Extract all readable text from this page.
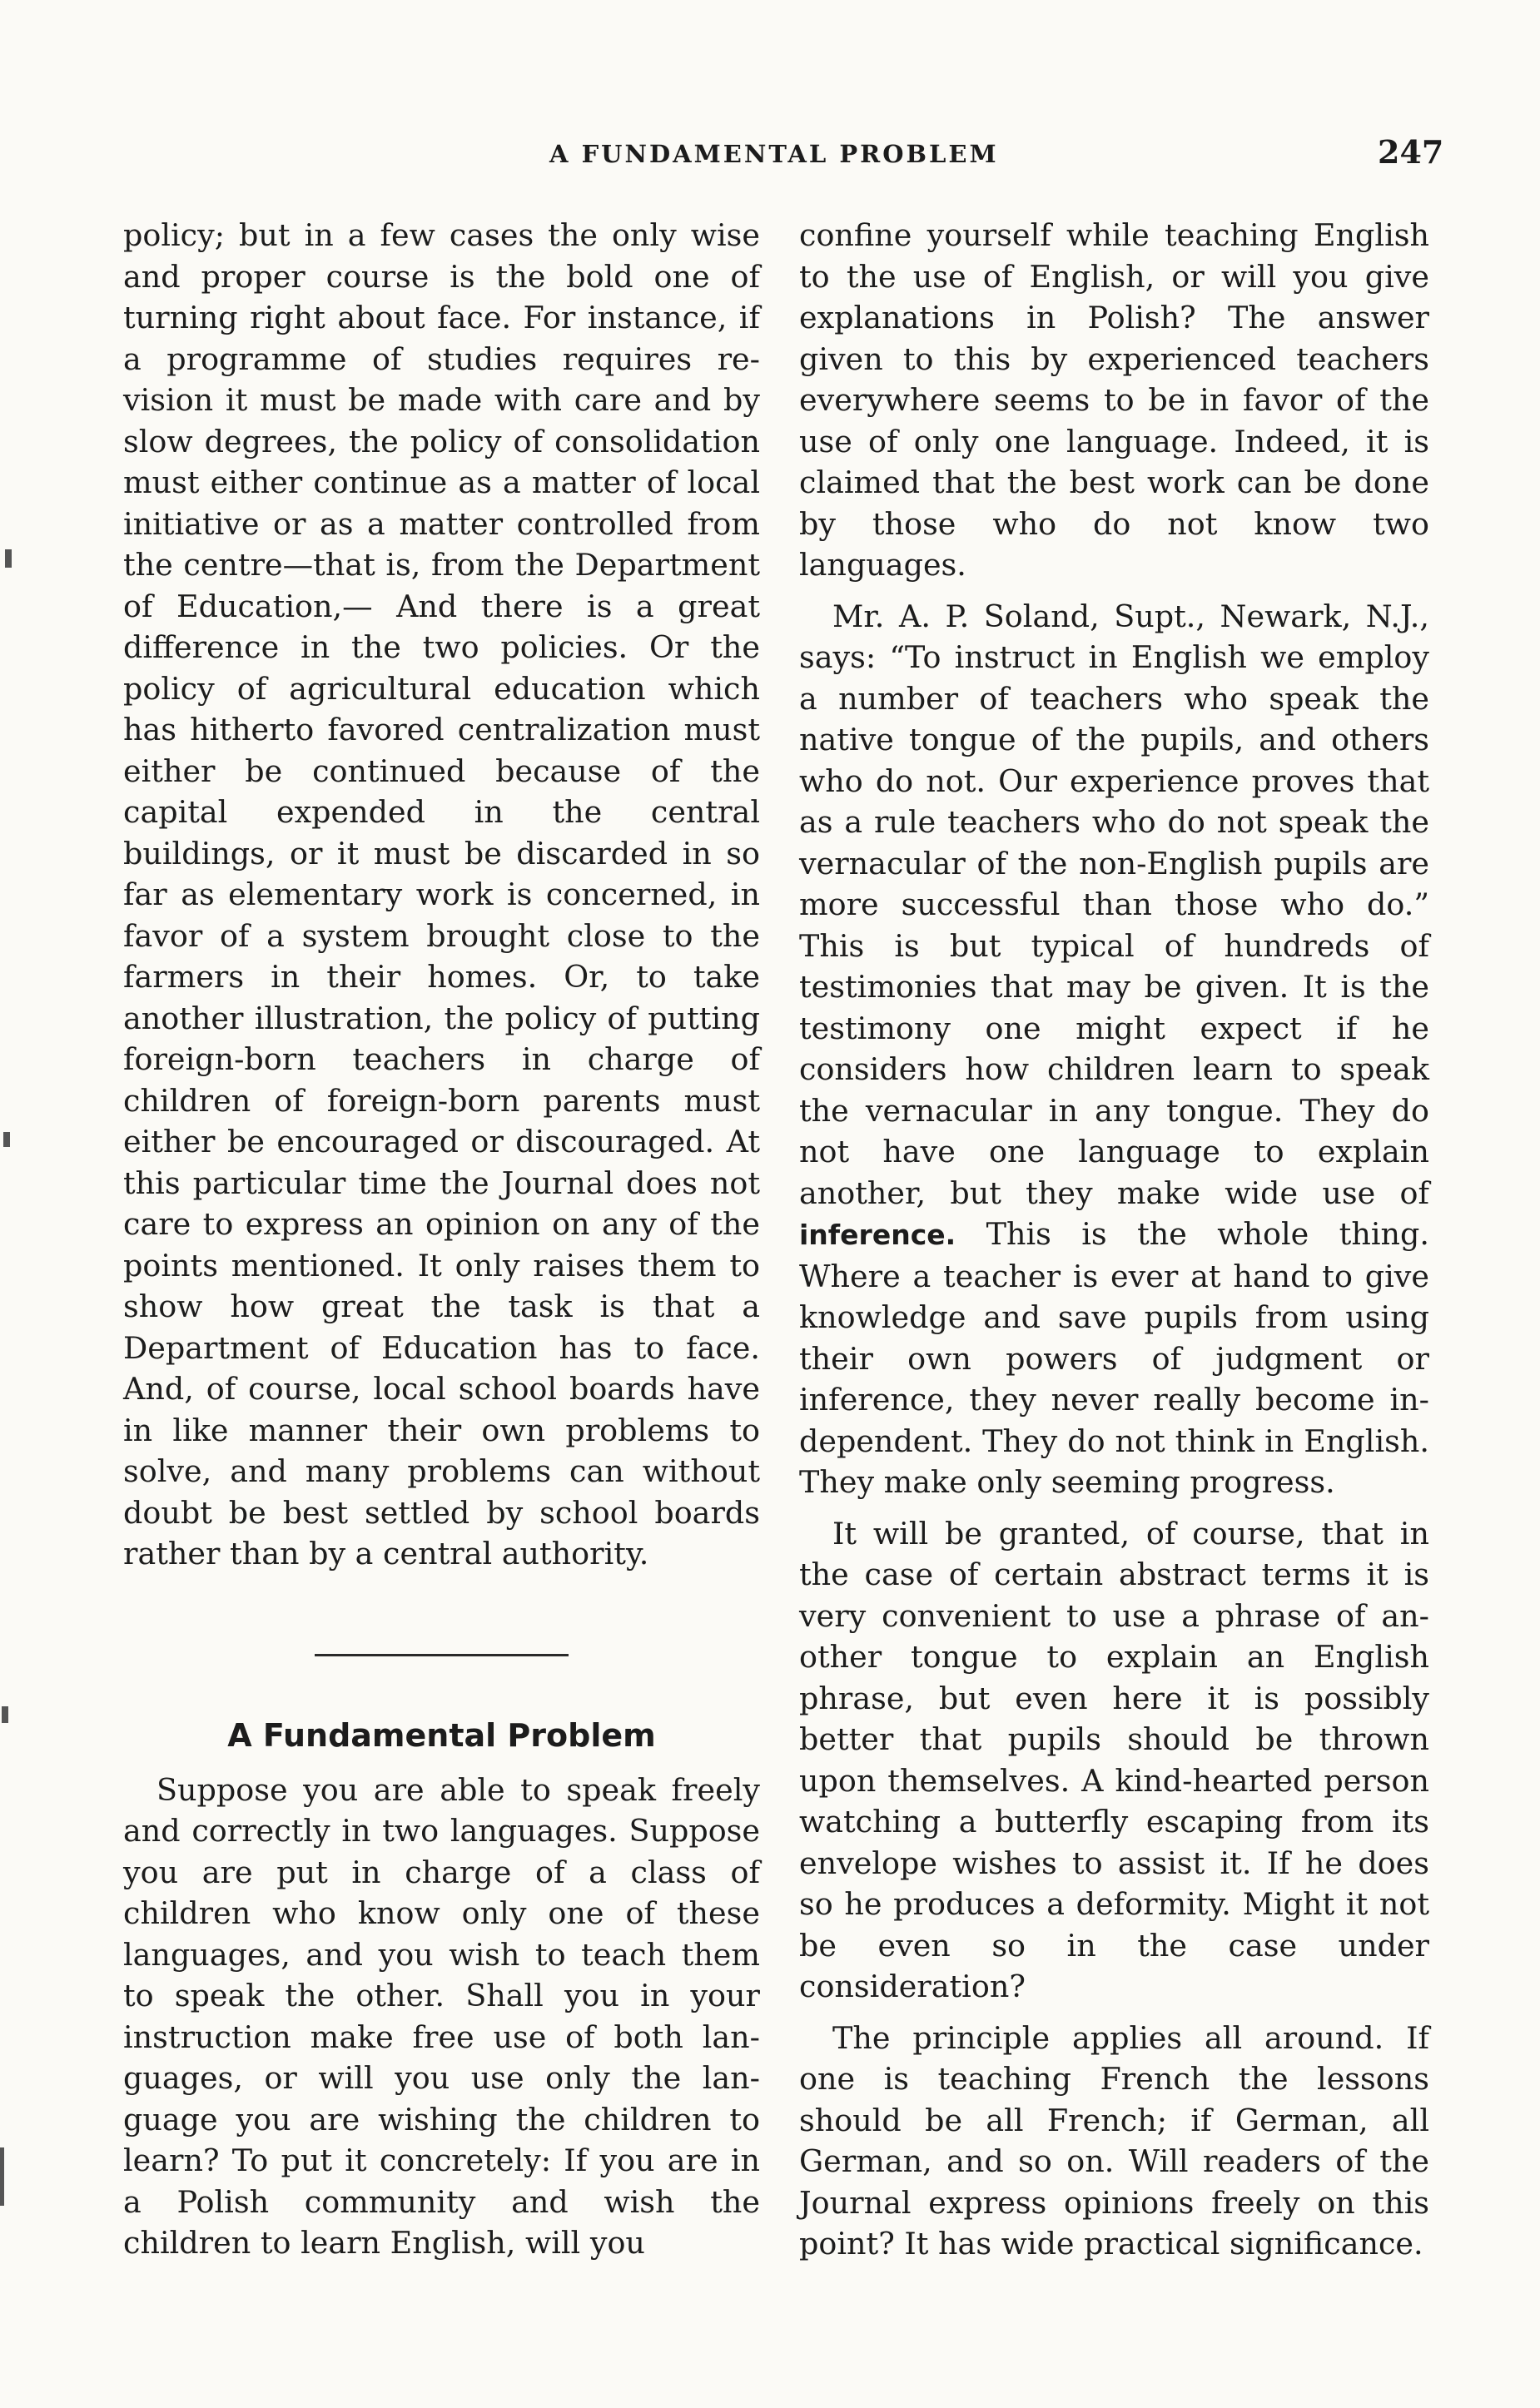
A FUNDAMENTAL PROBLEM	247

policy; but in a few cases the only wise and proper course is the bold one of turning right about face. For instance, if a programme of studies requires revision it must be made with care and by slow degrees, the policy of consolidation must either continue as a matter of local initiative or as a matter controlled from the centre—that is, from the Department of Education,— And there is a great difference in the two policies. Or the policy of agricultural education which has hitherto favored centralization must either be continued because of the capital expended in the central buildings, or it must be discarded in so far as elementary work is concerned, in favor of a system brought close to the farmers in their homes. Or, to take another illustration, the policy of putting foreign-born teachers in charge of children of foreign-born parents must either be encouraged or discouraged. At this particular time the Journal does not care to express an opinion on any of the points mentioned. It only raises them to show how great the task is that a Department of Education has to face. And, of course, local school boards have in like manner their own problems to solve, and many problems can without doubt be best settled by school boards rather than by a central authority.

A Fundamental Problem

Suppose you are able to speak freely and correctly in two languages. Suppose you are put in charge of a class of children who know only one of these languages, and you wish to teach them to speak the other. Shall you in your instruction make free use of both languages, or will you use only the language you are wishing the children to learn? To put it concretely: If you are in a Polish community and wish the children to learn English, will you

confine yourself while teaching English to the use of English, or will you give explanations in Polish? The answer given to this by experienced teachers everywhere seems to be in favor of the use of only one language. Indeed, it is claimed that the best work can be done by those who do not know two languages.

Mr. A. P. Soland, Supt., Newark, N.J., says: “To instruct in English we employ a number of teachers who speak the native tongue of the pupils, and others who do not. Our experience proves that as a rule teachers who do not speak the vernacular of the non-English pupils are more successful than those who do.” This is but typical of hundreds of testimonies that may be given. It is the testimony one might expect if he considers how children learn to speak the vernacular in any tongue. They do not have one language to explain another, but they make wide use of inference. This is the whole thing. Where a teacher is ever at hand to give knowledge and save pupils from using their own powers of judgment or inference, they never really become independent. They do not think in English. They make only seeming progress.

It will be granted, of course, that in the case of certain abstract terms it is very convenient to use a phrase of another tongue to explain an English phrase, but even here it is possibly better that pupils should be thrown upon themselves. A kind-hearted person watching a butterfly escaping from its envelope wishes to assist it. If he does so he produces a deformity. Might it not be even so in the case under consideration?

The principle applies all around. If one is teaching French the lessons should be all French; if German, all German, and so on. Will readers of the Journal express opinions freely on this point? It has wide practical significance.
